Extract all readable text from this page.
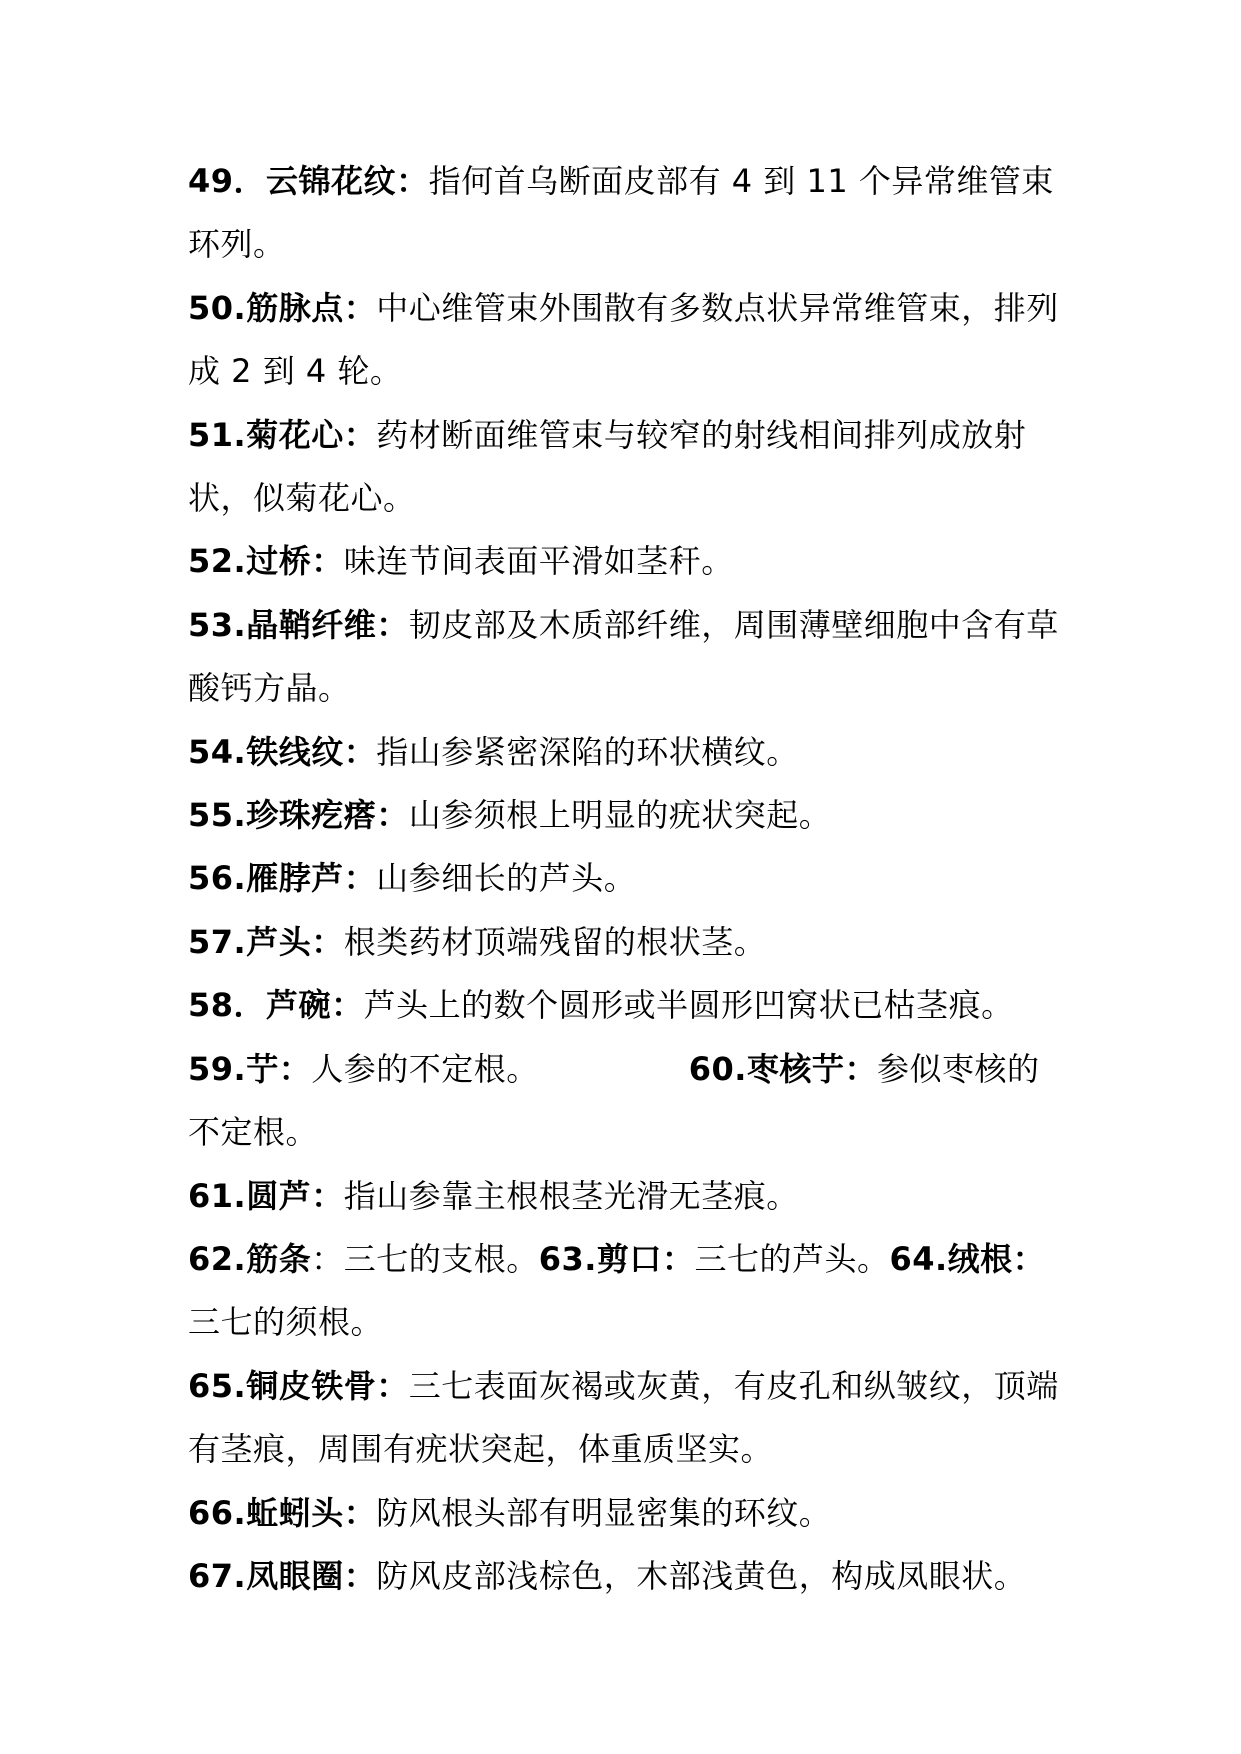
49．云锦花纹：指何首乌断面皮部有 4 到 11 个异常维管束环列。

50.筋脉点：中心维管束外围散有多数点状异常维管束，排列成 2 到 4 轮。

51.菊花心：药材断面维管束与较窄的射线相间排列成放射状，似菊花心。

52.过桥：味连节间表面平滑如茎秆。

53.晶鞘纤维：韧皮部及木质部纤维，周围薄壁细胞中含有草酸钙方晶。

54.铁线纹：指山参紧密深陷的环状横纹。

55.珍珠疙瘩：山参须根上明显的疣状突起。

56.雁脖芦：山参细长的芦头。

57.芦头：根类药材顶端残留的根状茎。

58．芦碗：芦头上的数个圆形或半圆形凹窝状已枯茎痕。

59.艼：人参的不定根。	60.枣核艼：参似枣核的不定根。

61.圆芦：指山参靠主根根茎光滑无茎痕。

62.筋条：三七的支根。63.剪口：三七的芦头。64.绒根：三七的须根。

65.铜皮铁骨：三七表面灰褐或灰黄，有皮孔和纵皱纹，顶端有茎痕，周围有疣状突起，体重质坚实。

66.蚯蚓头：防风根头部有明显密集的环纹。

67.凤眼圈：防风皮部浅棕色，木部浅黄色，构成凤眼状。
